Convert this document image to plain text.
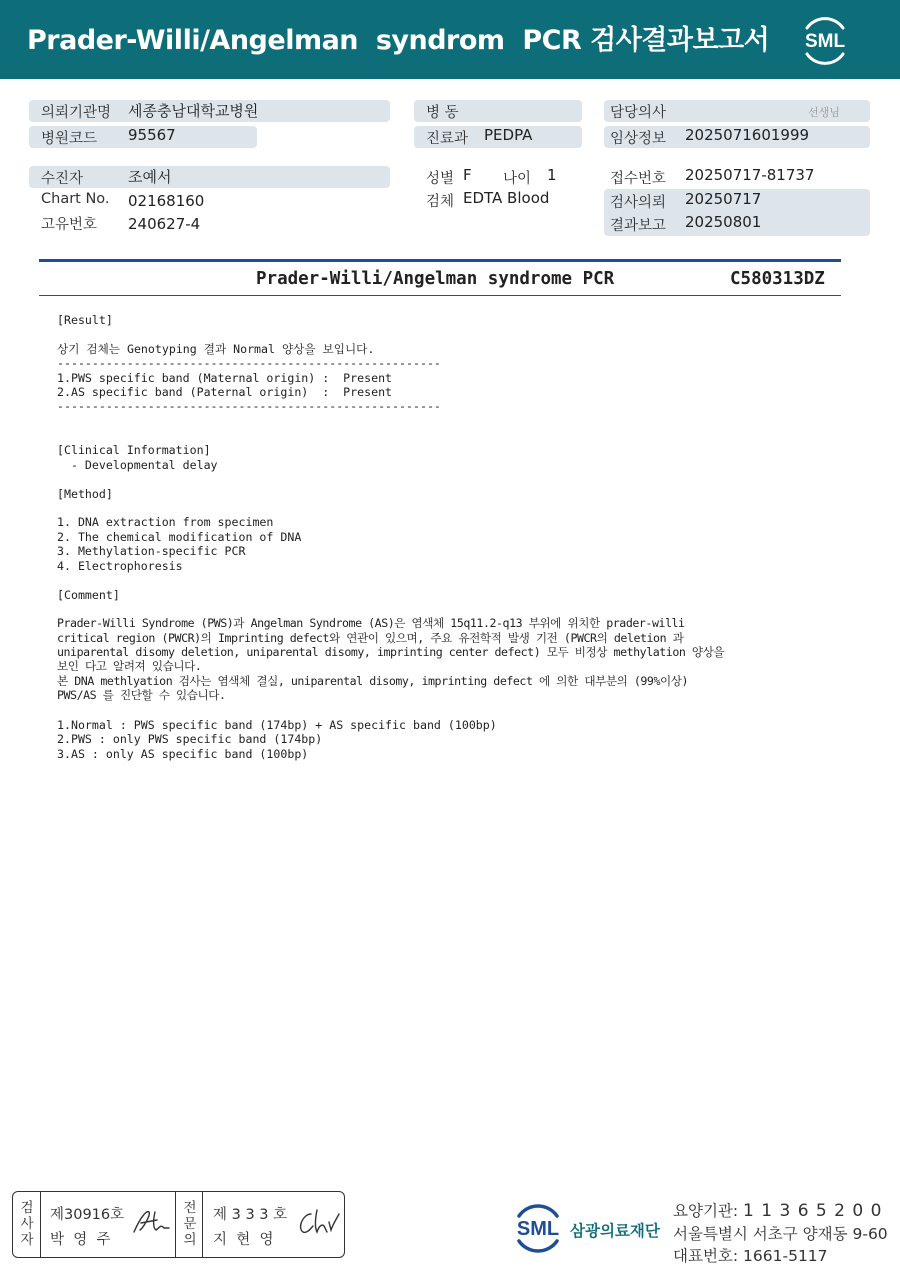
Prader-Willi/Angelman  syndrom  PCR 검사결과보고서 SML
의뢰기관명 세종충남대학교병원
병원코드 95567
수진자	조예서
Chart No. 02168160
고유번호 240627-4
병 동
진료과 PEDPA
성별 F 나이 1
검체 EDTA Blood
담당의사	선생님
임상정보 2025071601999
접수번호 20250717-81737
검사의뢰 20250717
결과보고 20250801
Prader-Willi/Angelman syndrome PCR	C580313DZ
[Result]
상기 검체는 Genotyping 결과 Normal 양상을 보입니다.
-------------------------------------------------------
1.PWS specific band (Maternal origin) :  Present
2.AS specific band (Paternal origin)  :  Present
-------------------------------------------------------
[Clinical Information]
- Developmental delay
[Method]
1. DNA extraction from specimen
2. The chemical modification of DNA
3. Methylation-specific PCR
4. Electrophoresis
[Comment]
Prader-Willi Syndrome (PWS)과 Angelman Syndrome (AS)은 염색체 15q11.2-q13 부위에 위치한 prader-willi
critical region (PWCR)의 Imprinting defect와 연관이 있으며, 주요 유전학적 발생 기전 (PWCR의 deletion 과
uniparental disomy deletion, uniparental disomy, imprinting center defect) 모두 비정상 methylation 양상을
보인 다고 알려져 있습니다.
본 DNA methlyation 검사는 염색체 결실, uniparental disomy, imprinting defect 에 의한 대부분의 (99%이상)
PWS/AS 를 진단할 수 있습니다.
1.Normal : PWS specific band (174bp) + AS specific band (100bp)
2.PWS : only PWS specific band (174bp)
3.AS : only AS specific band (100bp)
검사자
제30916호
박  영  주
전문의
제 3 3 3 호
지  현  영	SML 삼광의료재단
요양기관: 1 1 3 6 5 2 0 0
서울특별시 서초구 양재동 9-60
대표번호: 1661-5117
